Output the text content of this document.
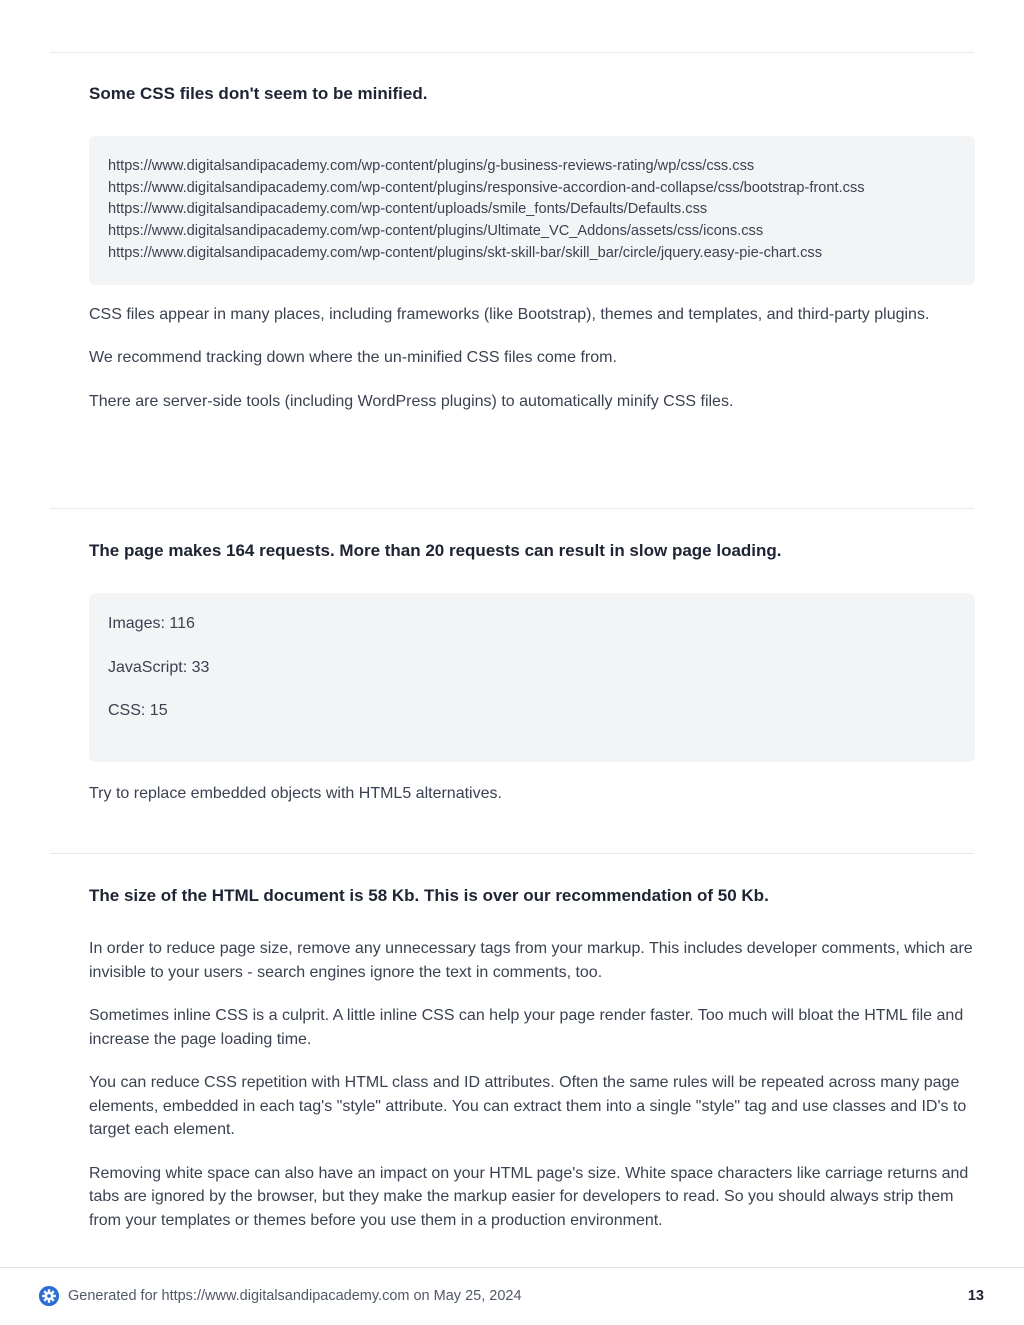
Some CSS files don't seem to be minified.
https://www.digitalsandipacademy.com/wp-content/plugins/g-business-reviews-rating/wp/css/css.css
https://www.digitalsandipacademy.com/wp-content/plugins/responsive-accordion-and-collapse/css/bootstrap-front.css
https://www.digitalsandipacademy.com/wp-content/uploads/smile_fonts/Defaults/Defaults.css
https://www.digitalsandipacademy.com/wp-content/plugins/Ultimate_VC_Addons/assets/css/icons.css
https://www.digitalsandipacademy.com/wp-content/plugins/skt-skill-bar/skill_bar/circle/jquery.easy-pie-chart.css
CSS files appear in many places, including frameworks (like Bootstrap), themes and templates, and third-party plugins.
We recommend tracking down where the un-minified CSS files come from.
There are server-side tools (including WordPress plugins) to automatically minify CSS files.
The page makes 164 requests. More than 20 requests can result in slow page loading.
Images: 116
JavaScript: 33
CSS: 15
Try to replace embedded objects with HTML5 alternatives.
The size of the HTML document is 58 Kb. This is over our recommendation of 50 Kb.
In order to reduce page size, remove any unnecessary tags from your markup. This includes developer comments, which are invisible to your users - search engines ignore the text in comments, too.
Sometimes inline CSS is a culprit. A little inline CSS can help your page render faster. Too much will bloat the HTML file and increase the page loading time.
You can reduce CSS repetition with HTML class and ID attributes. Often the same rules will be repeated across many page elements, embedded in each tag's "style" attribute. You can extract them into a single "style" tag and use classes and ID's to target each element.
Removing white space can also have an impact on your HTML page's size. White space characters like carriage returns and tabs are ignored by the browser, but they make the markup easier for developers to read. So you should always strip them from your templates or themes before you use them in a production environment.
Generated for https://www.digitalsandipacademy.com on May 25, 2024	13
